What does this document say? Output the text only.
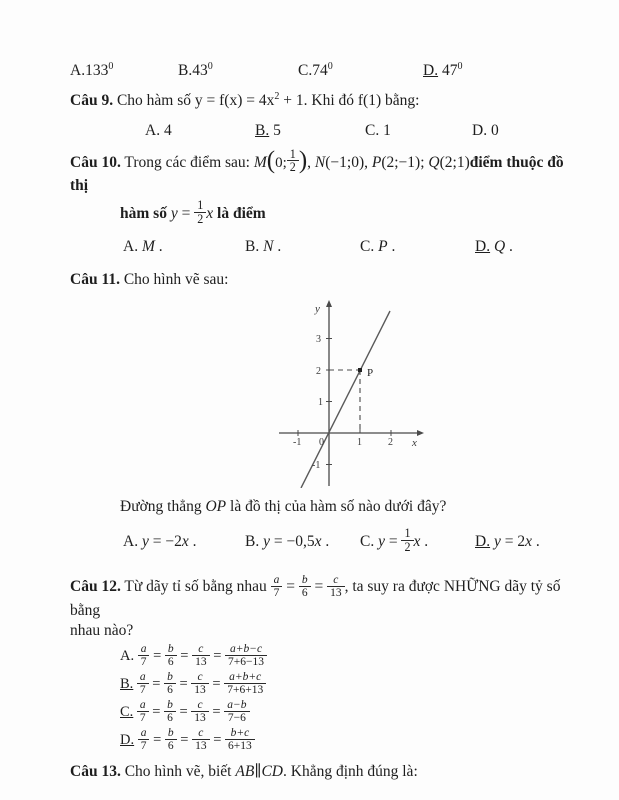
A.133$^0$	$B.43^0$	$C.74^0$	D. $47^0$
Câu 9. Cho hàm số $y = f(x) = 4x^2 + 1$. Khi đó f(1) bằng:
A. 4	B. 5	C. 1	D. 0
Câu 10. Trong các điểm sau: M(0; $\frac{1}{2}$ ), N(−1;0), P(2;−1); Q(2;1)điểm thuộc đồ thị
hàm số $y = \frac{1}{2}$ x là điểm
A. M .	B. N .	C. P .	D. Q .
Câu 11. Cho hình vẽ sau:
y
x
0
-1	1	2
3
2
1
-1
P
Đường thẳng OP là đồ thị của hàm số nào dưới đây?
A. y = −2x .	B. y = −0,5x .	C. $y = \frac{1}{2}$ x .	D. y = 2x .
Câu 12. Từ dãy tỉ số bằng nhau $\frac{a}{7} = \frac{b}{6} = \frac{c}{13}$ , ta suy ra được NHỮNG dãy tỷ số bằng
nhau nào?
A. $\frac{a}{7} = \frac{b}{6} = \frac{c}{13} = \frac{a+b-c}{7+6-13}$
B. $\frac{a}{7} = \frac{b}{6} = \frac{c}{13} = \frac{a+b+c}{7+6+13}$
C. $\frac{a}{7} = \frac{b}{6} = \frac{c}{13} = \frac{a-b}{7-6}$
D. $\frac{a}{7} = \frac{b}{6} = \frac{c}{13} = \frac{b+c}{6+13}$
Câu 13. Cho hình vẽ, biết AB∥CD. Khẳng định đúng là:
